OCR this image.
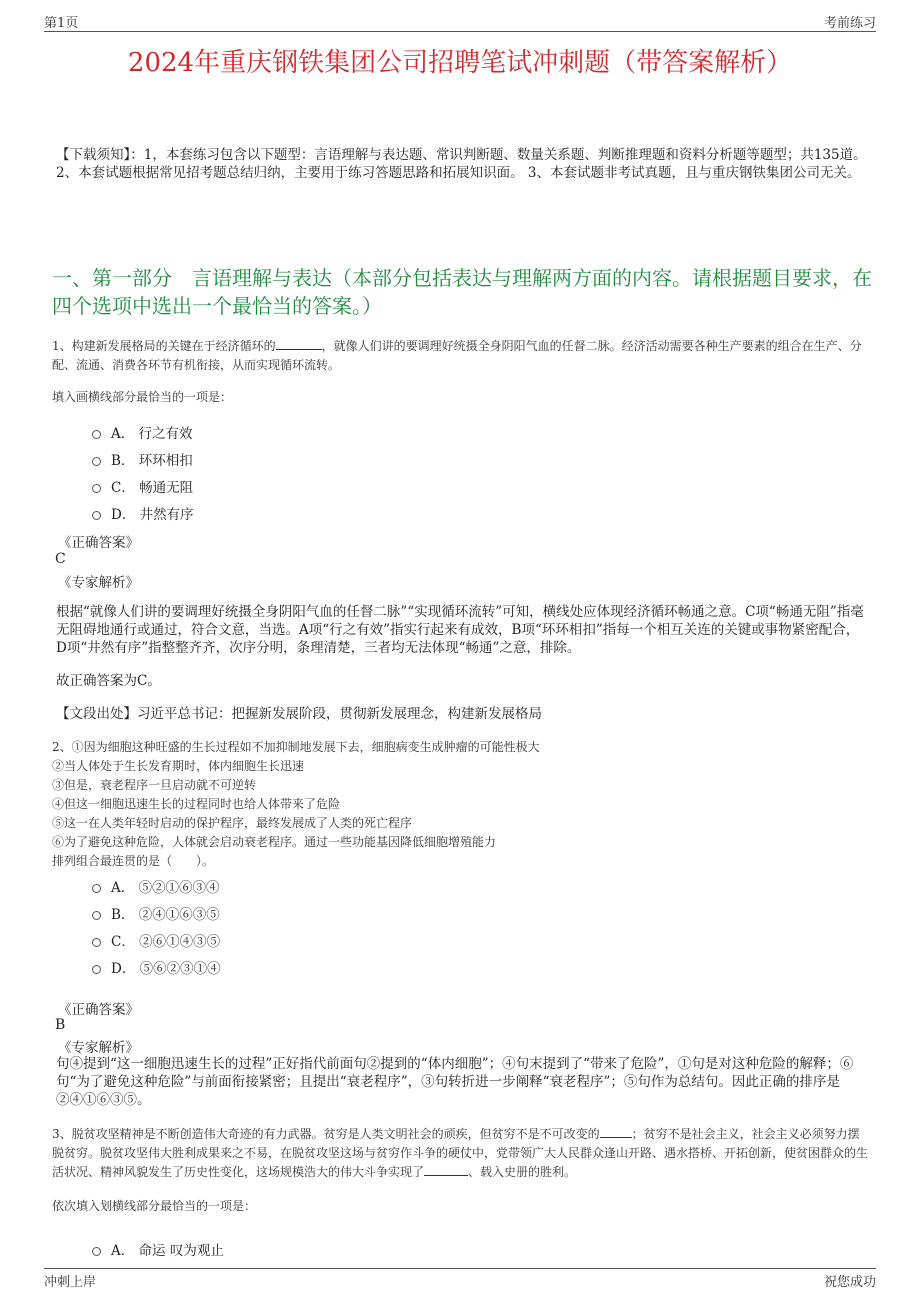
第1页	考前练习
2024年重庆钢铁集团公司招聘笔试冲刺题（带答案解析）
【下载须知】：1，本套练习包含以下题型：言语理解与表达题、常识判断题、数量关系题、判断推理题和资料分析题等题型；共135道。 2、本套试题根据常见招考题总结归纳，主要用于练习答题思路和拓展知识面。 3、本套试题非考试真题，且与重庆钢铁集团公司无关。
一、第一部分　言语理解与表达（本部分包括表达与理解两方面的内容。请根据题目要求，在四个选项中选出一个最恰当的答案。）
1、构建新发展格局的关键在于经济循环的	，就像人们讲的要调理好统摄全身阴阳气血的任督二脉。经济活动需要各种生产要素的组合在生产、分配、流通、消费各环节有机衔接，从而实现循环流转。
填入画横线部分最恰当的一项是：
A． 行之有效
B． 环环相扣
C． 畅通无阻
D． 井然有序
《正确答案》
C
《专家解析》
根据“就像人们讲的要调理好统摄全身阴阳气血的任督二脉”“实现循环流转”可知，横线处应体现经济循环畅通之意。C项“畅通无阻”指毫无阻碍地通行或通过，符合文意，当选。A项“行之有效”指实行起来有成效，B项“环环相扣”指每一个相互关连的关键或事物紧密配合，D项“井然有序”指整整齐齐，次序分明，条理清楚，三者均无法体现“畅通”之意，排除。
故正确答案为C。
【文段出处】习近平总书记：把握新发展阶段，贯彻新发展理念，构建新发展格局
2、①因为细胞这种旺盛的生长过程如不加抑制地发展下去，细胞病变生成肿瘤的可能性极大
②当人体处于生长发育期时，体内细胞生长迅速
③但是，衰老程序一旦启动就不可逆转
④但这一细胞迅速生长的过程同时也给人体带来了危险
⑤这一在人类年轻时启动的保护程序，最终发展成了人类的死亡程序
⑥为了避免这种危险，人体就会启动衰老程序。通过一些功能基因降低细胞增殖能力
排列组合最连贯的是（　　）。
A． ⑤②①⑥③④
B． ②④①⑥③⑤
C． ②⑥①④③⑤
D． ⑤⑥②③①④
《正确答案》
B
《专家解析》
句④提到“这一细胞迅速生长的过程”正好指代前面句②提到的“体内细胞”；④句末提到了“带来了危险”，①句是对这种危险的解释；⑥句“为了避免这种危险”与前面衔接紧密；且提出“衰老程序”，③句转折进一步阐释“衰老程序”；⑤句作为总结句。因此正确的排序是②④①⑥③⑤。
3、脱贫攻坚精神是不断创造伟大奇迹的有力武器。贫穷是人类文明社会的顽疾，但贫穷不是不可改变的	；贫穷不是社会主义，社会主义必须努力摆脱贫穷。脱贫攻坚伟大胜利成果来之不易，在脱贫攻坚这场与贫穷作斗争的硬仗中，党带领广大人民群众逢山开路、遇水搭桥、开拓创新，使贫困群众的生活状况、精神风貌发生了历史性变化，这场规模浩大的伟大斗争实现了	、载入史册的胜利。
依次填入划横线部分最恰当的一项是：
A． 命运 叹为观止
冲刺上岸	祝您成功
